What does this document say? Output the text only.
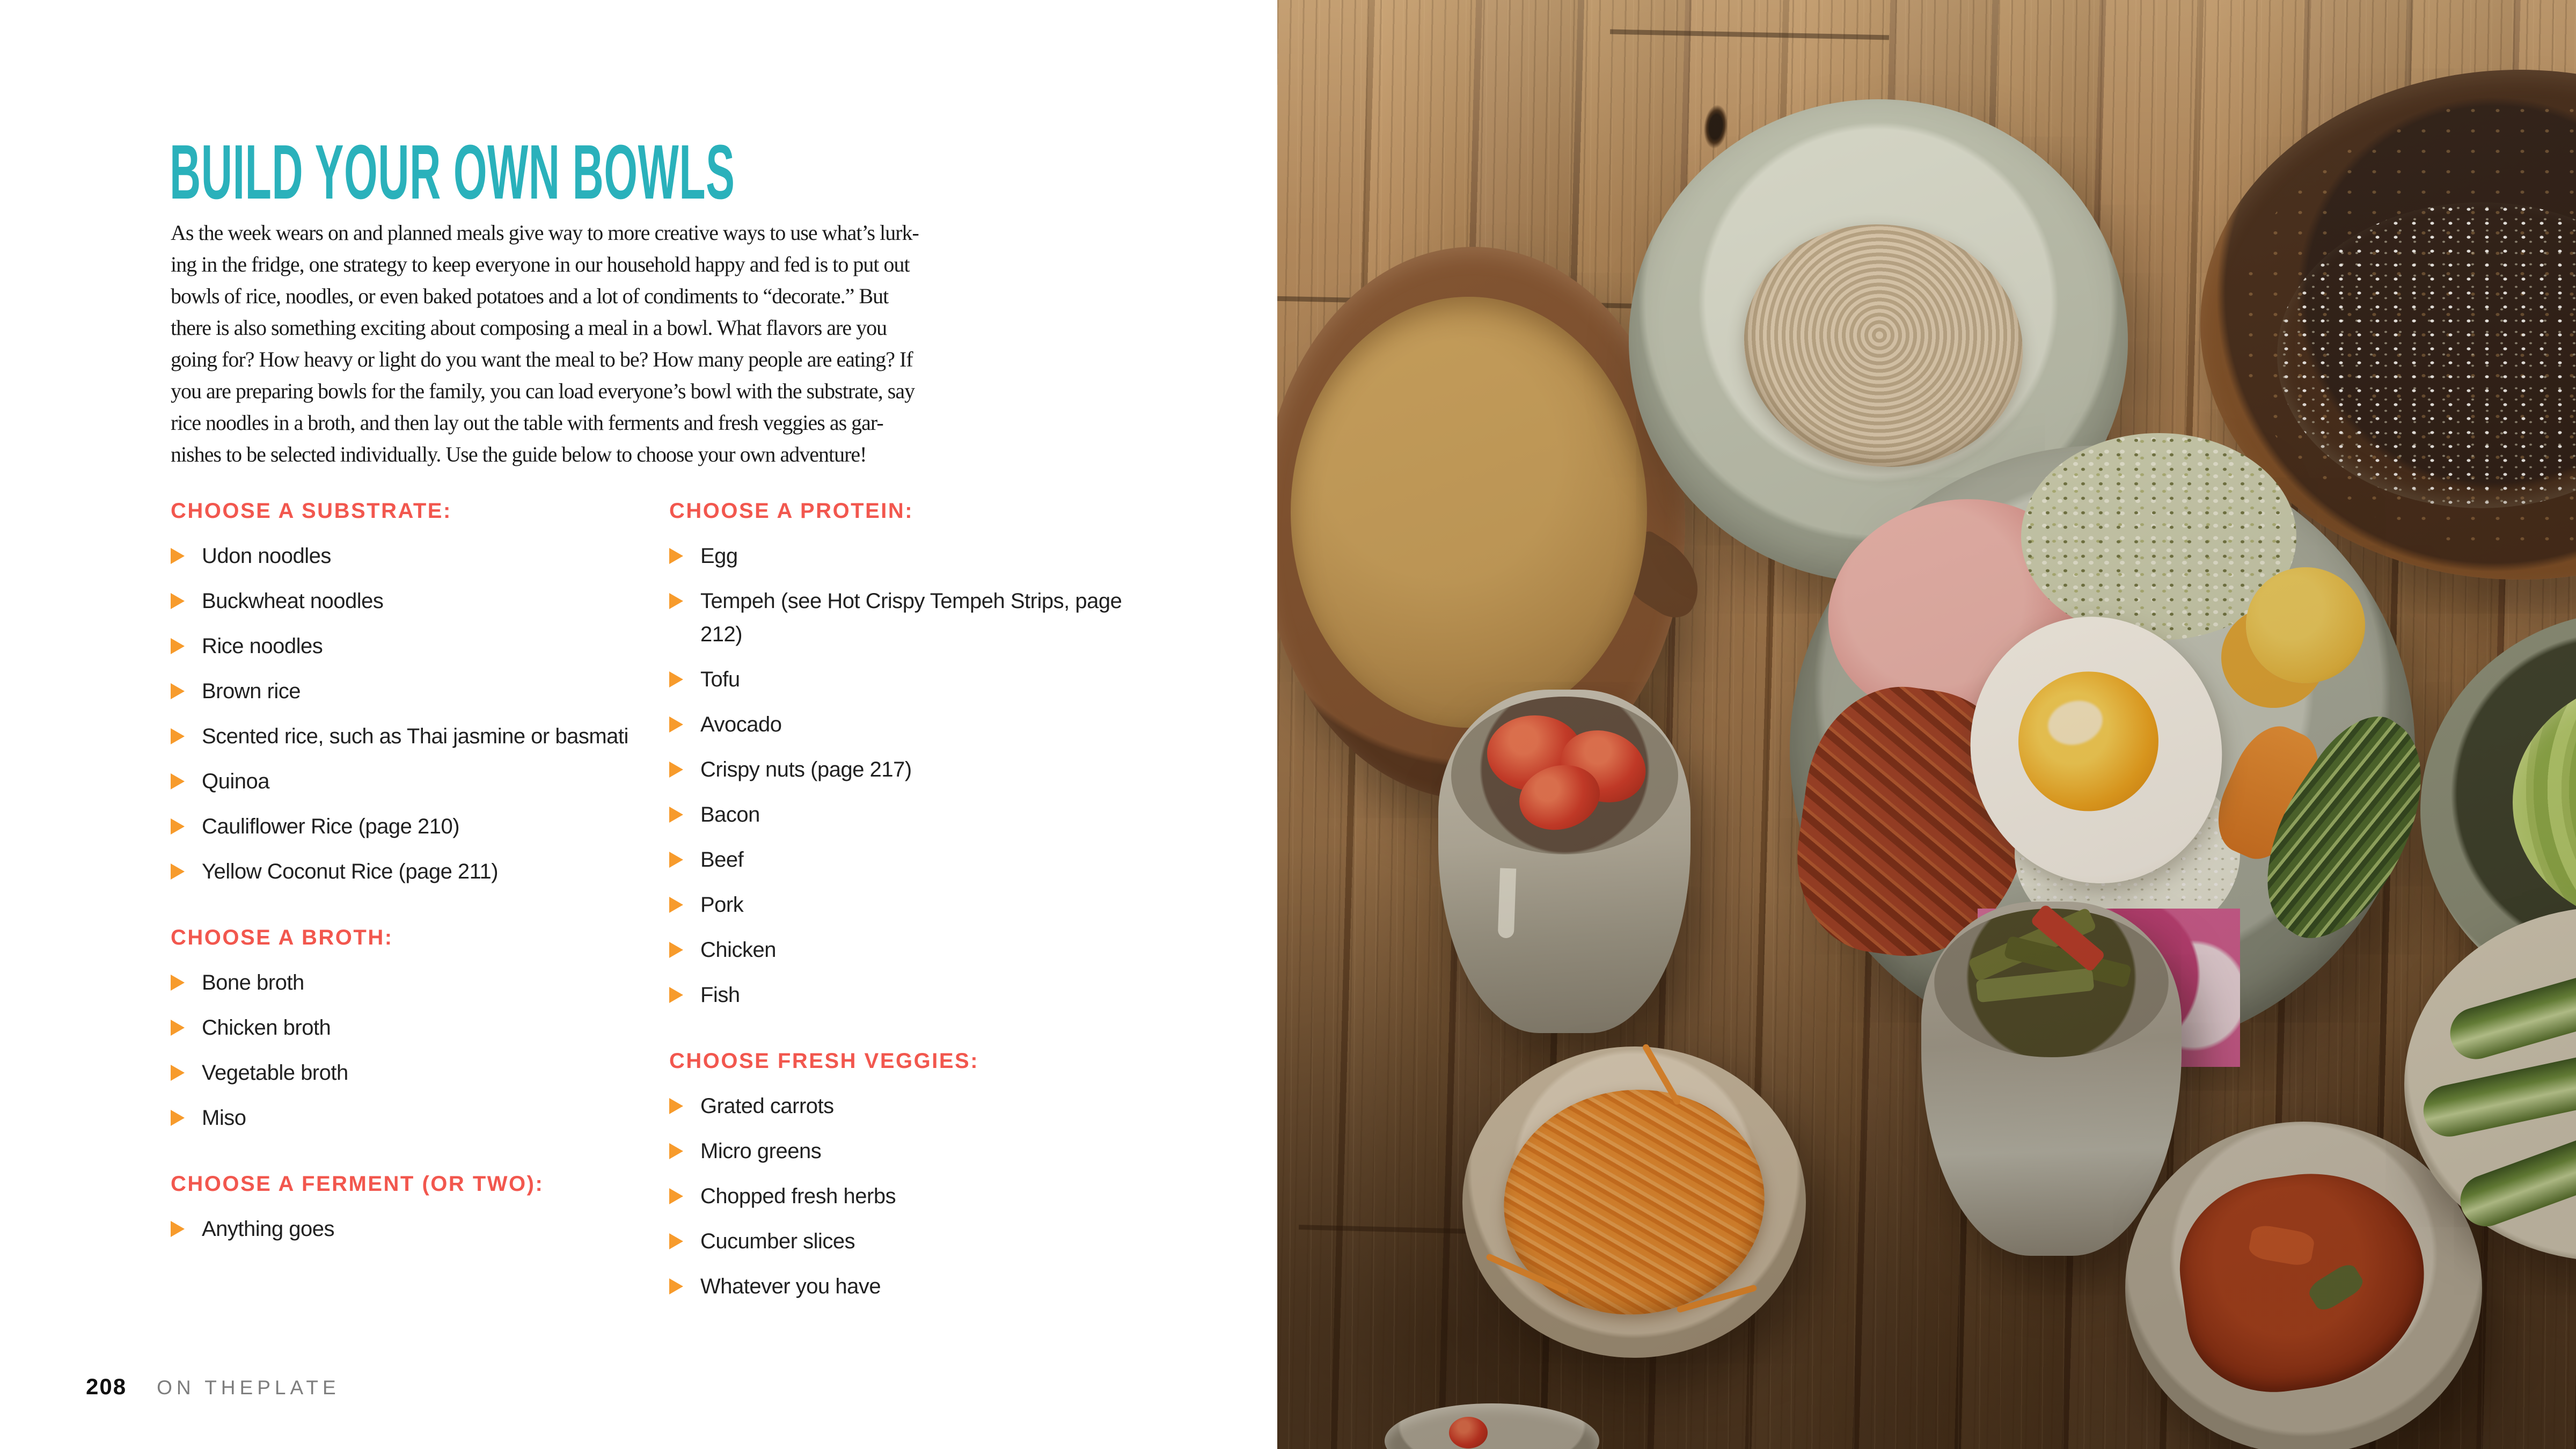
BUILD YOUR OWN BOWLS
As the week wears on and planned meals give way to more creative ways to use what’s lurk-
ing in the fridge, one strategy to keep everyone in our household happy and fed is to put out
bowls of rice, noodles, or even baked potatoes and a lot of condiments to “decorate.” But
there is also something exciting about composing a meal in a bowl. What flavors are you
going for? How heavy or light do you want the meal to be? How many people are eating? If
you are preparing bowls for the family, you can load everyone’s bowl with the substrate, say
rice noodles in a broth, and then lay out the table with ferments and fresh veggies as gar-
nishes to be selected individually. Use the guide below to choose your own adventure!
CHOOSE A SUBSTRATE:
Udon noodles
Buckwheat noodles
Rice noodles
Brown rice
Scented rice, such as Thai jasmine or basmati
Quinoa
Cauliflower Rice (page 210)
Yellow Coconut Rice (page 211)
CHOOSE A BROTH:
Bone broth
Chicken broth
Vegetable broth
Miso
CHOOSE A FERMENT (OR TWO):
Anything goes
CHOOSE A PROTEIN:
Egg
Tempeh (see Hot Crispy Tempeh Strips, page 212)
Tofu
Avocado
Crispy nuts (page 217)
Bacon
Beef
Pork
Chicken
Fish
CHOOSE FRESH VEGGIES:
Grated carrots
Micro greens
Chopped fresh herbs
Cucumber slices
Whatever you have
208 ON THEPLATE
